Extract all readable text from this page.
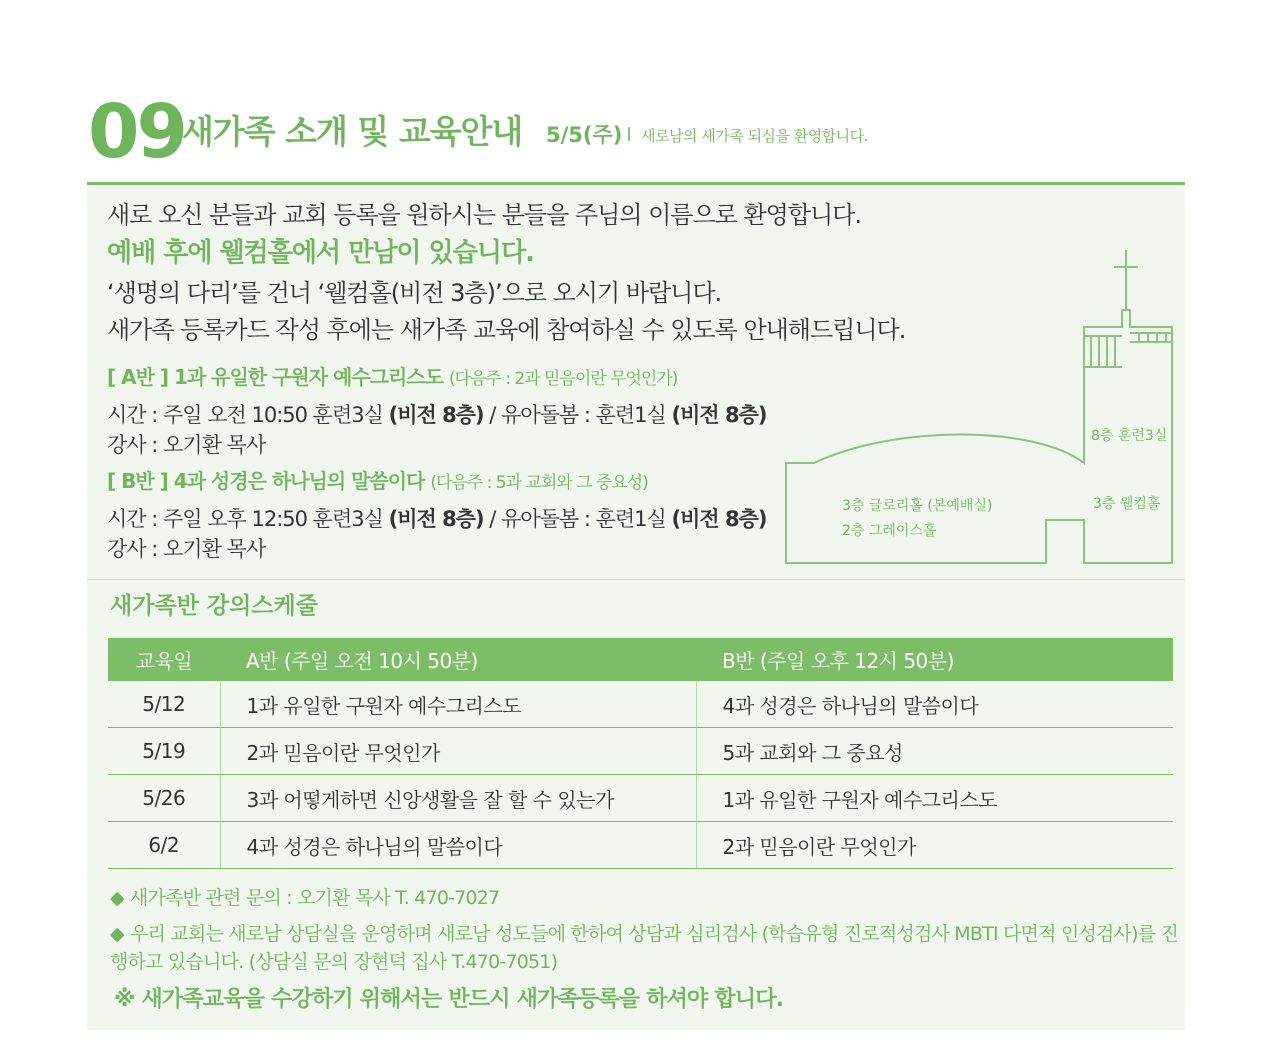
09
새가족 소개 및 교육안내 5/5(주) 새로남의 새가족 되심을 환영합니다.
새로 오신 분들과 교회 등록을 원하시는 분들을 주님의 이름으로 환영합니다.
예배 후에 웰컴홀에서 만남이 있습니다.
‘생명의 다리’를 건너 ‘웰컴홀(비전 3층)’으로 오시기 바랍니다.
새가족 등록카드 작성 후에는 새가족 교육에 참여하실 수 있도록 안내해드립니다.
[ A반 ] 1과 유일한 구원자 예수그리스도 (다음주 : 2과 믿음이란 무엇인가)
시간 : 주일 오전 10:50 훈련3실 (비전 8층) / 유아돌봄 : 훈련1실 (비전 8층)
강사 : 오기환 목사
[ B반 ] 4과 성경은 하나님의 말씀이다 (다음주 : 5과 교회와 그 중요성)
시간 : 주일 오후 12:50 훈련3실 (비전 8층) / 유아돌봄 : 훈련1실 (비전 8층)
강사 : 오기환 목사
8층 훈련3실
3층 웰컴홀
3층 글로리홀 (본예배실)
2층 그레이스홀
새가족반 강의스케줄
교육일	A반 (주일 오전 10시 50분)	B반 (주일 오후 12시 50분)
5/12	1과 유일한 구원자 예수그리스도	4과 성경은 하나님의 말씀이다
5/19	2과 믿음이란 무엇인가	5과 교회와 그 중요성
5/26	3과 어떻게하면 신앙생활을 잘 할 수 있는가	1과 유일한 구원자 예수그리스도
6/2	4과 성경은 하나님의 말씀이다	2과 믿음이란 무엇인가
◆ 새가족반 관련 문의 : 오기환 목사 T. 470-7027
◆ 우리 교회는 새로남 상담실을 운영하며 새로남 성도들에 한하여 상담과 심리검사 (학습유형 진로적성검사 MBTI 다면적 인성검사)를 진행하고 있습니다. (상담실 문의 장현덕 집사 T.470-7051)
※ 새가족교육을 수강하기 위해서는 반드시 새가족등록을 하셔야 합니다.
